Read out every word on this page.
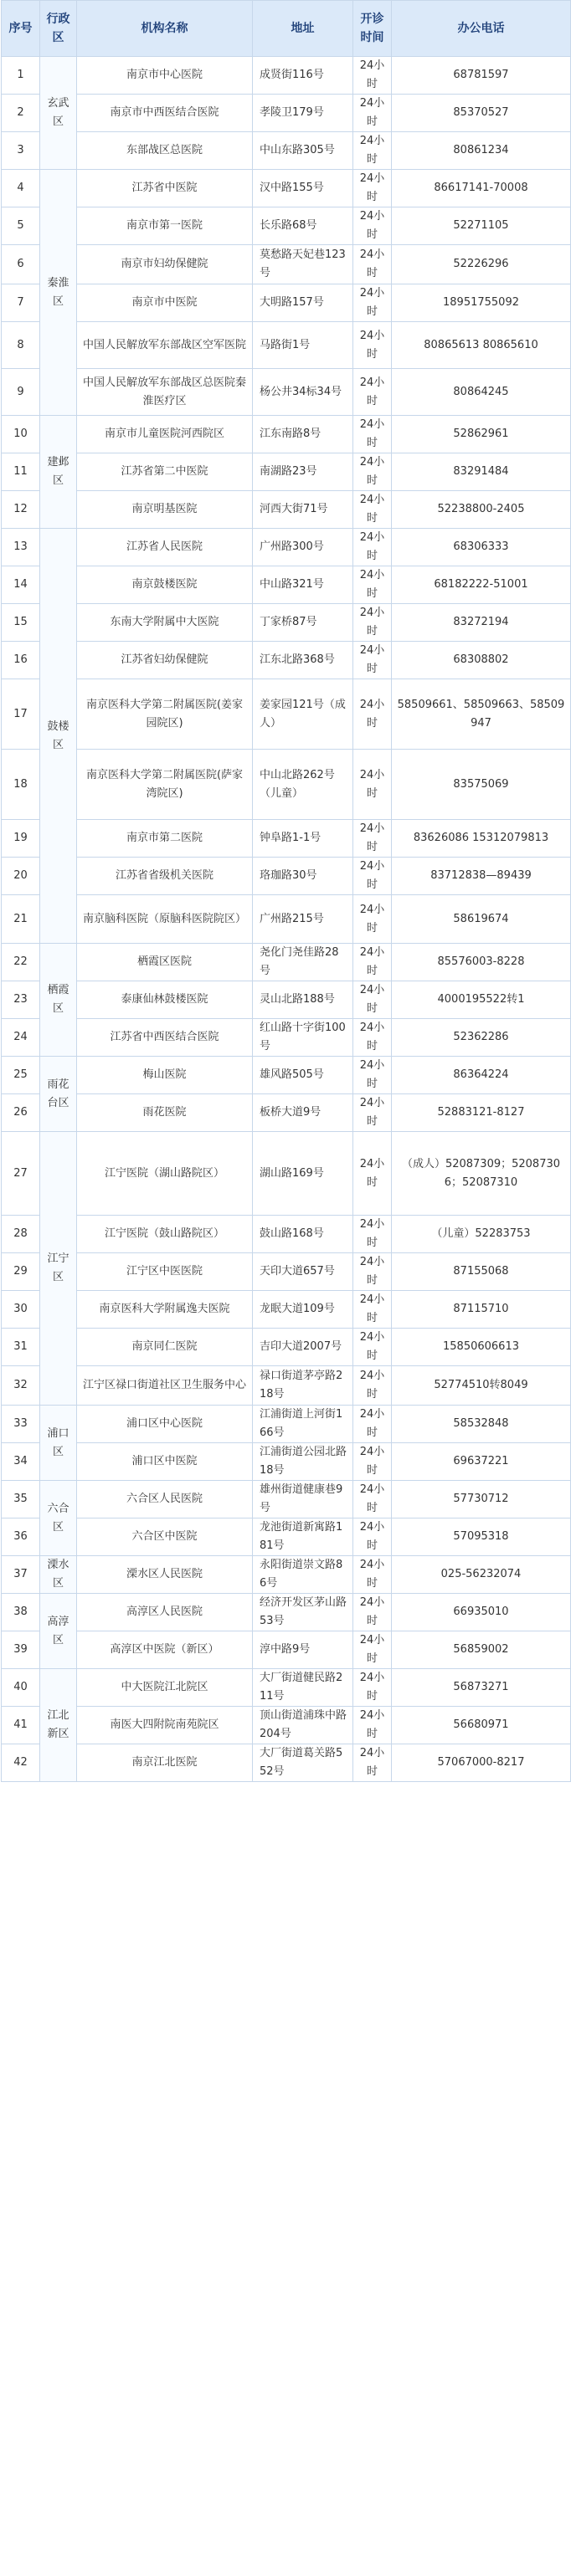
序号	行政区	机构名称	地址	开诊时间	办公电话
1	玄武区	南京市中心医院	成贤街116号	24小时	68781597
2		南京市中西医结合医院	孝陵卫179号	24小时	85370527
3		东部战区总医院	中山东路305号	24小时	80861234
4	秦淮区	江苏省中医院	汉中路155号	24小时	86617141-70008
5		南京市第一医院	长乐路68号	24小时	52271105
6		南京市妇幼保健院	莫愁路天妃巷123号	24小时	52226296
7		南京市中医院	大明路157号	24小时	18951755092
8		中国人民解放军东部战区空军医院	马路街1号	24小时	80865613 80865610
9		中国人民解放军东部战区总医院秦淮医疗区	杨公井34标34号	24小时	80864245
10	建邺区	南京市儿童医院河西院区	江东南路8号	24小时	52862961
11		江苏省第二中医院	南湖路23号	24小时	83291484
12		南京明基医院	河西大街71号	24小时	52238800-2405
13	鼓楼区	江苏省人民医院	广州路300号	24小时	68306333
14		南京鼓楼医院	中山路321号	24小时	68182222-51001
15		东南大学附属中大医院	丁家桥87号	24小时	83272194
16		江苏省妇幼保健院	江东北路368号	24小时	68308802
17		南京医科大学第二附属医院(姜家园院区)	姜家园121号（成人）	24小时	58509661、58509663、58509947
18		南京医科大学第二附属医院(萨家湾院区)	中山北路262号（儿童）	24小时	83575069
19		南京市第二医院	钟阜路1-1号	24小时	83626086 15312079813
20		江苏省省级机关医院	珞珈路30号	24小时	83712838—89439
21		南京脑科医院（原脑科医院院区）	广州路215号	24小时	58619674
22	栖霞区	栖霞区医院	尧化门尧佳路28号	24小时	85576003-8228
23		泰康仙林鼓楼医院	灵山北路188号	24小时	4000195522转1
24		江苏省中西医结合医院	红山路十字街100号	24小时	52362286
25	雨花台区	梅山医院	雄风路505号	24小时	86364224
26		雨花医院	板桥大道9号	24小时	52883121-8127
27	江宁区	江宁医院（湖山路院区）	湖山路169号	24小时	（成人）52087309；52087306；52087310
28		江宁医院（鼓山路院区）	鼓山路168号	24小时	（儿童）52283753
29		江宁区中医医院	天印大道657号	24小时	87155068
30		南京医科大学附属逸夫医院	龙眠大道109号	24小时	87115710
31		南京同仁医院	吉印大道2007号	24小时	15850606613
32		江宁区禄口街道社区卫生服务中心	禄口街道茅亭路218号	24小时	52774510转8049
33	浦口区	浦口区中心医院	江浦街道上河街166号	24小时	58532848
34		浦口区中医院	江浦街道公园北路18号	24小时	69637221
35	六合区	六合区人民医院	雄州街道健康巷9号	24小时	57730712
36		六合区中医院	龙池街道新寓路181号	24小时	57095318
37	溧水区	溧水区人民医院	永阳街道崇文路86号	24小时	025-56232074
38	高淳区	高淳区人民医院	经济开发区茅山路53号	24小时	66935010
39		高淳区中医院（新区）	淳中路9号	24小时	56859002
40	江北新区	中大医院江北院区	大厂街道健民路211号	24小时	56873271
41		南医大四附院南苑院区	顶山街道浦珠中路204号	24小时	56680971
42		南京江北医院	大厂街道葛关路552号	24小时	57067000-8217
